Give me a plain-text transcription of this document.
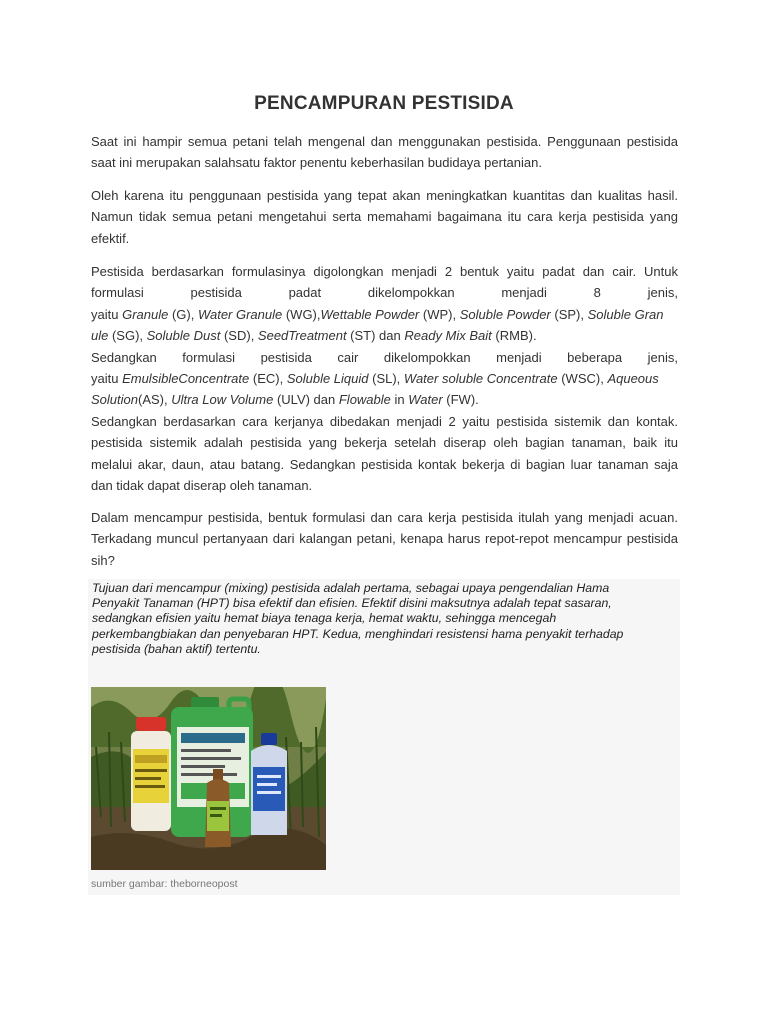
PENCAMPURAN PESTISIDA
Saat ini hampir semua petani telah mengenal dan menggunakan pestisida. Penggunaan pestisida
saat ini merupakan salahsatu faktor penentu keberhasilan budidaya pertanian.
Oleh karena itu penggunaan pestisida yang tepat akan meningkatkan kuantitas dan kualitas hasil.
Namun tidak semua petani mengetahui serta memahami bagaimana itu cara kerja pestisida yang
efektif.
Pestisida berdasarkan formulasinya digolongkan menjadi 2 bentuk yaitu padat dan cair. Untuk
formulasi pestisida padat dikelompokkan menjadi 8 jenis,
yaitu Granule (G), Water Granule (WG),Wettable Powder (WP), Soluble Powder (SP), Soluble Gran
ule (SG), Soluble Dust (SD), SeedTreatment (ST) dan Ready Mix Bait (RMB).
Sedangkan formulasi pestisida cair dikelompokkan menjadi beberapa jenis,
yaitu EmulsibleConcentrate (EC), Soluble Liquid (SL), Water soluble Concentrate (WSC), Aqueous
Solution(AS), Ultra Low Volume (ULV) dan Flowable in Water (FW).
Sedangkan berdasarkan cara kerjanya dibedakan menjadi 2 yaitu pestisida sistemik dan kontak.
pestisida sistemik adalah pestisida yang bekerja setelah diserap oleh bagian tanaman, baik itu
melalui akar, daun, atau batang. Sedangkan pestisida kontak bekerja di bagian luar tanaman saja
dan tidak dapat diserap oleh tanaman.
Dalam mencampur pestisida, bentuk formulasi dan cara kerja pestisida itulah yang menjadi acuan.
Terkadang muncul pertanyaan dari kalangan petani, kenapa harus repot-repot mencampur pestisida
sih?
Tujuan dari mencampur (mixing) pestisida adalah pertama, sebagai upaya pengendalian Hama
Penyakit Tanaman (HPT) bisa efektif dan efisien. Efektif disini maksutnya adalah tepat sasaran,
sedangkan efisien yaitu hemat biaya tenaga kerja, hemat waktu, sehingga mencegah
perkembangbiakan dan penyebaran HPT. Kedua, menghindari resistensi hama penyakit terhadap
pestisida (bahan aktif) tertentu.
sumber gambar: theborneopost
